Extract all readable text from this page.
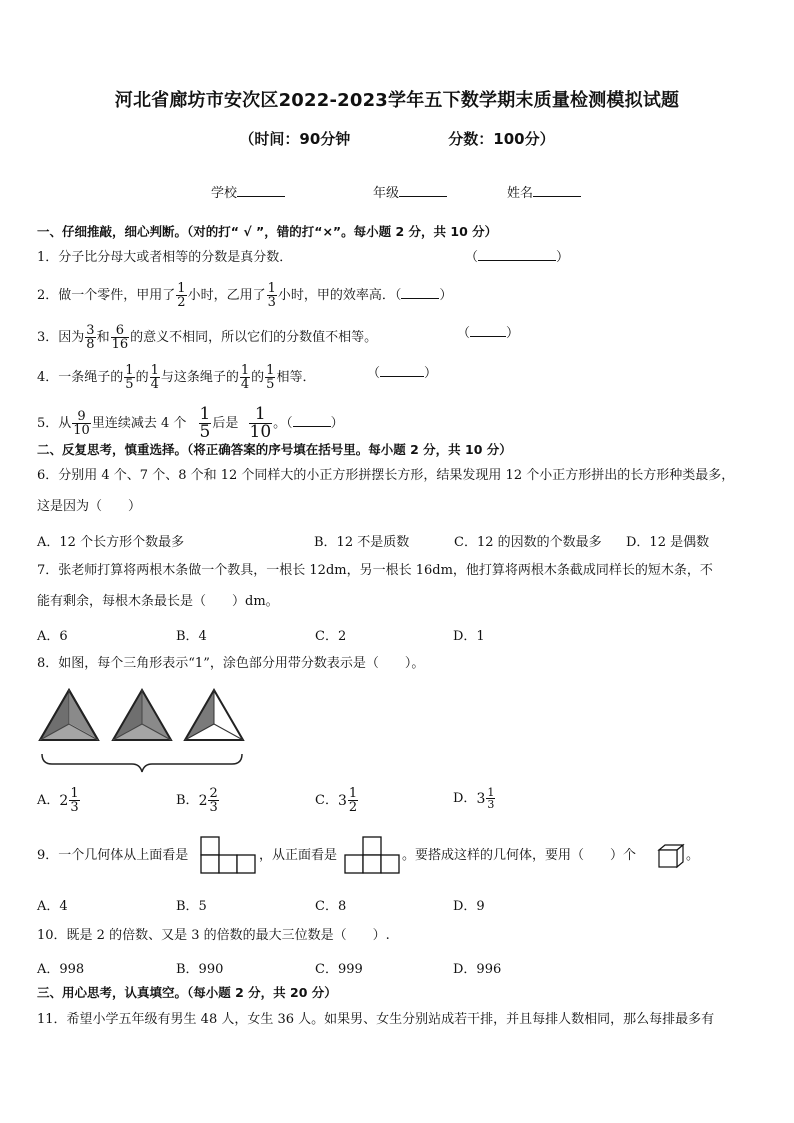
河北省廊坊市安次区2022-2023学年五下数学期末质量检测模拟试题
（时间：90分钟	分数：100分）
学校	年级	姓名
一、仔细推敲，细心判断。（对的打“ √ ”，错的打“×”。每小题 2 分，共 10 分）
1．分子比分母大或者相等的分数是真分数．	（	）
2．做一个零件，甲用了 $\frac{1}{2}$ 小时，乙用了 $\frac{1}{3}$ 小时，甲的效率高．（	）
3．因为 $\frac{3}{8}$ 和 $\frac{6}{16}$ 的意义不相同，所以它们的分数值不相等。	（	）
4．一条绳子的 $\frac{1}{5}$ 的 $\frac{1}{4}$ 与这条绳子的 $\frac{1}{4}$ 的 $\frac{1}{5}$ 相等．	（	）
5．从 $\frac{9}{10}$ 里连续减去 4 个 $\frac{1}{5}$ 后是 $\frac{1}{10}$ 。（	）
二、反复思考，慎重选择。（将正确答案的序号填在括号里。每小题 2 分，共 10 分）
6．分别用 4 个、7 个、8 个和 12 个同样大的小正方形拼摆长方形，结果发现用 12 个小正方形拼出的长方形种类最多，
这是因为（　　）
A．12 个长方形个数最多	B．12 不是质数	C．12 的因数的个数最多 D．12 是偶数
7．张老师打算将两根木条做一个教具，一根长 12dm，另一根长 16dm，他打算将两根木条截成同样长的短木条，不
能有剩余，每根木条最长是（　　）dm。
A．6	B．4	C．2	D．1
8．如图，每个三角形表示“1”，涂色部分用带分数表示是（　　）。
A．$2 \frac{1}{3}$	B．$2 \frac{2}{3}$	C．$3 \frac{1}{2}$	D．$3 \frac{1}{3}$
9．一个几何体从上面看是	，从正面看是	。要搭成这样的几何体，要用（　　）个	。
A．4	B．5	C．8	D．9
10．既是 2 的倍数、又是 3 的倍数的最大三位数是（　　）.
A．998	B．990	C．999	D．996
三、用心思考，认真填空。（每小题 2 分，共 20 分）
11．希望小学五年级有男生 48 人，女生 36 人。如果男、女生分别站成若干排，并且每排人数相同，那么每排最多有
